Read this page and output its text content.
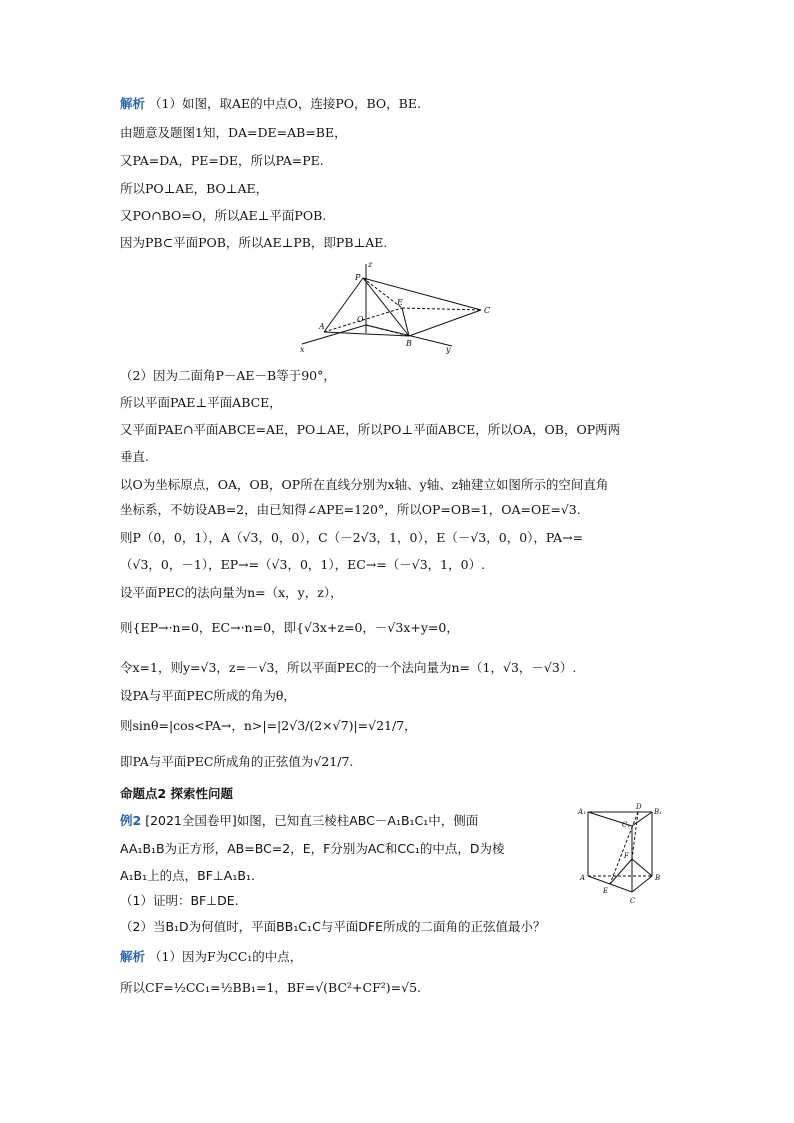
解析 （1）如图，取AE的中点O，连接PO，BO，BE.
由题意及题图1知，DA=DE=AB=BE，
又PA=DA，PE=DE，所以PA=PE.
所以PO⊥AE，BO⊥AE，
又PO∩BO=O，所以AE⊥平面POB.
因为PB⊂平面POB，所以AE⊥PB，即PB⊥AE.
P
z
E
C
O
A
B
x	y
（2）因为二面角P－AE－B等于90°，
所以平面PAE⊥平面ABCE，
又平面PAE∩平面ABCE=AE，PO⊥AE，所以PO⊥平面ABCE，所以OA，OB，OP两两
垂直.
以O为坐标原点，OA，OB，OP所在直线分别为x轴、y轴、z轴建立如图所示的空间直角
坐标系，不妨设AB=2，由已知得∠APE=120°，所以OP=OB=1，OA=OE=√3.
则P（0，0，1），A（√3，0，0），C（－2√3，1，0），E（－√3，0，0），PA→=
（√3，0，－1），EP→=（√3，0，1），EC→=（－√3，1，0）.
设平面PEC的法向量为n=（x，y，z），
则{EP→·n=0，EC→·n=0，即{√3x+z=0，－√3x+y=0，
令x=1，则y=√3，z=－√3，所以平面PEC的一个法向量为n=（1，√3，－√3）.
设PA与平面PEC所成的角为θ，
则sinθ=|cos<PA→，n>|=|2√3/(2×√7)|=√21/7，
即PA与平面PEC所成角的正弦值为√21/7.
命题点2 探索性问题
例2 [2021全国卷甲]如图，已知直三棱柱ABC－A₁B₁C₁中，侧面
AA₁B₁B为正方形，AB=BC=2，E，F分别为AC和CC₁的中点，D为棱
A₁B₁上的点，BF⊥A₁B₁.
（1）证明：BF⊥DE.
（2）当B₁D为何值时，平面BB₁C₁C与平面DFE所成的二面角的正弦值最小？
A₁
D
B₁
C₁
F
A	B
E
C
解析 （1）因为F为CC₁的中点，
所以CF=½CC₁=½BB₁=1，BF=√(BC²+CF²)=√5.
